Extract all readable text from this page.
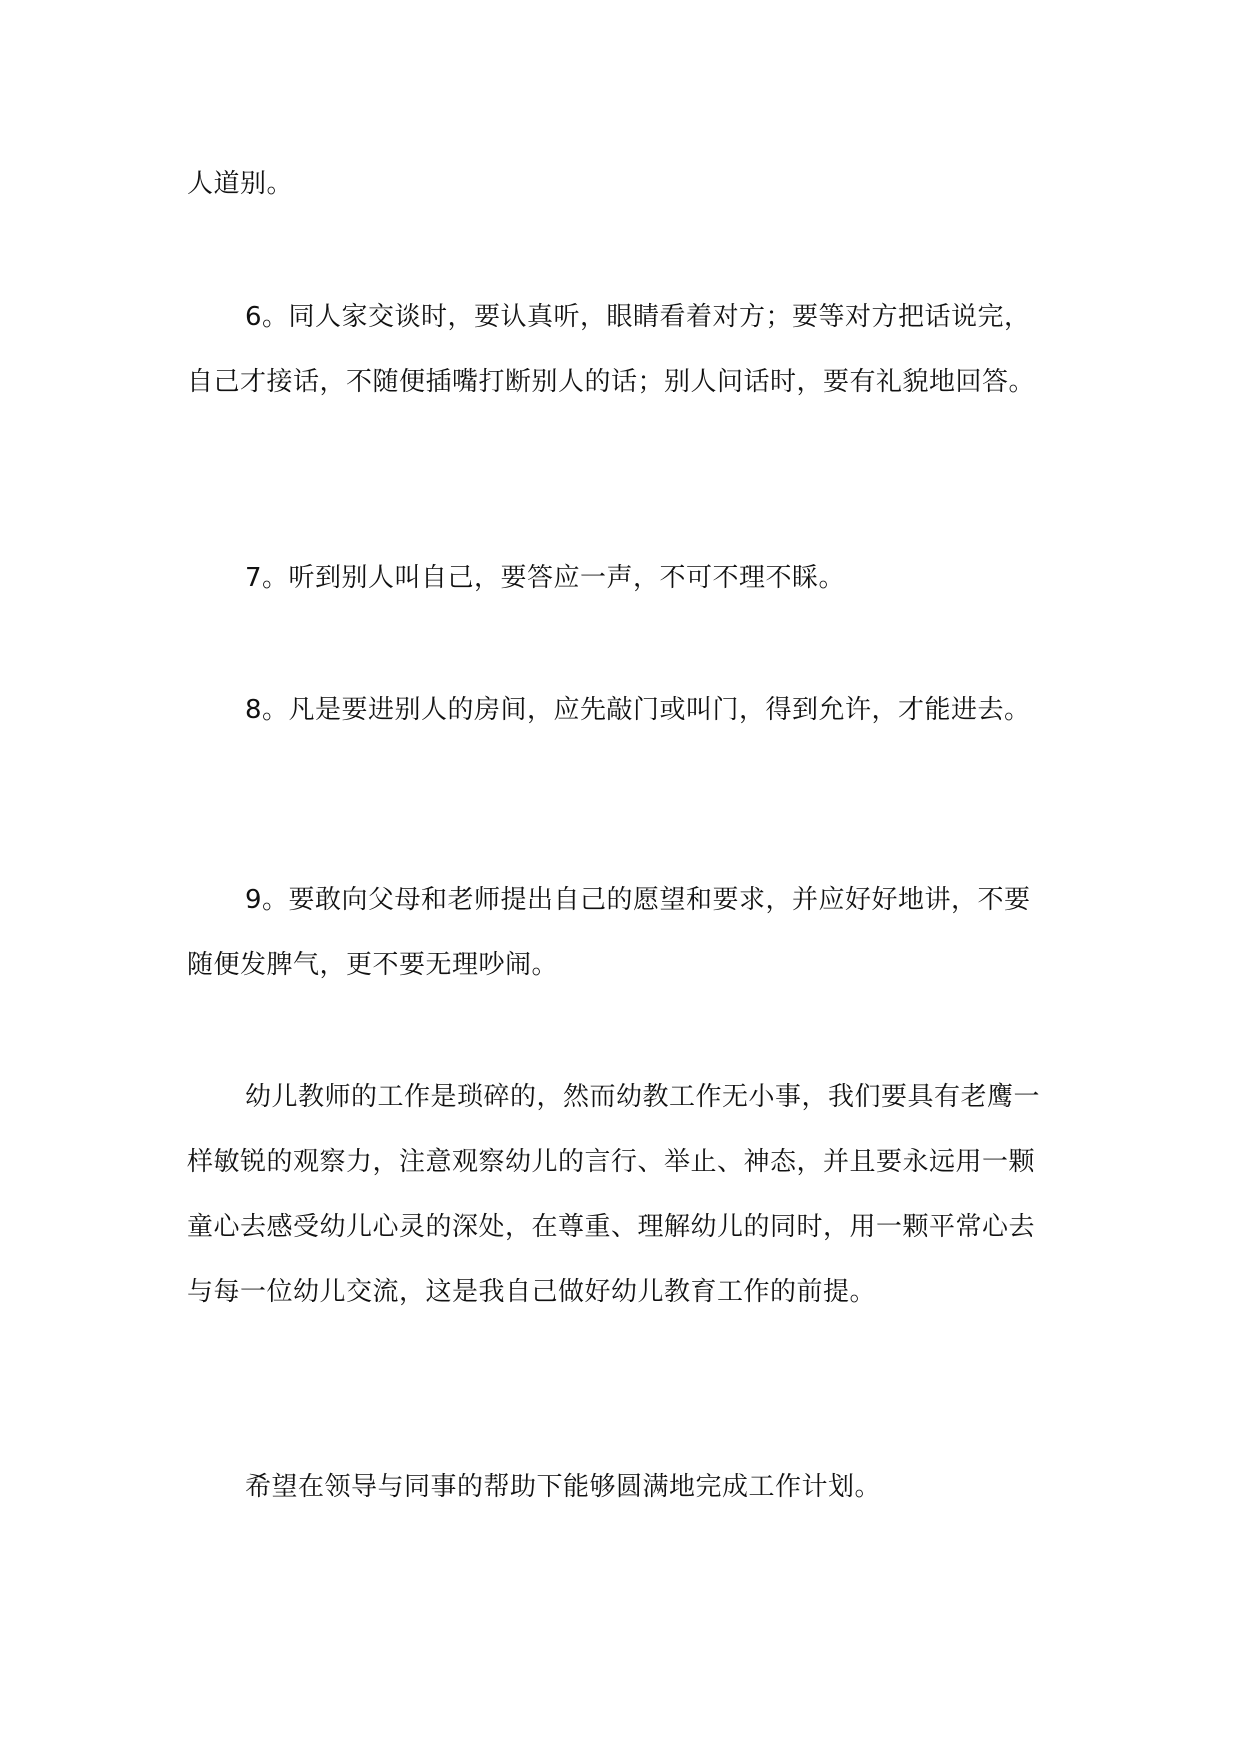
人道别。

6。同人家交谈时，要认真听，眼睛看着对方；要等对方把话说完，自己才接话，不随便插嘴打断别人的话；别人问话时，要有礼貌地回答。

7。听到别人叫自己，要答应一声，不可不理不睬。

8。凡是要进别人的房间，应先敲门或叫门，得到允许，才能进去。

9。要敢向父母和老师提出自己的愿望和要求，并应好好地讲，不要随便发脾气，更不要无理吵闹。

幼儿教师的工作是琐碎的，然而幼教工作无小事，我们要具有老鹰一样敏锐的观察力，注意观察幼儿的言行、举止、神态，并且要永远用一颗童心去感受幼儿心灵的深处，在尊重、理解幼儿的同时，用一颗平常心去与每一位幼儿交流，这是我自己做好幼儿教育工作的前提。

希望在领导与同事的帮助下能够圆满地完成工作计划。
